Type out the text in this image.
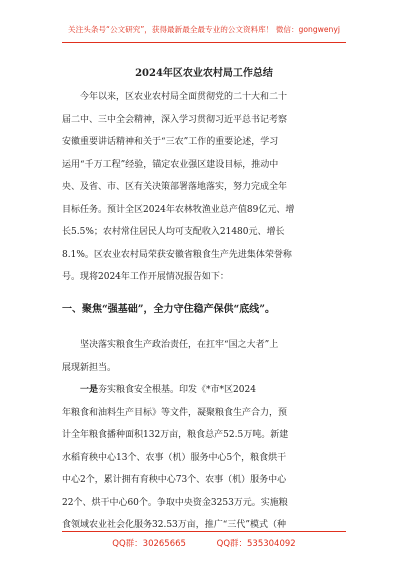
关注头条号“公文研究”，获得最新最全最专业的公文资料库！ 微信：gongwenyj
2024年区农业农村局工作总结
今年以来，区农业农村局全面贯彻党的二十大和二十
届二中、三中全会精神，深入学习贯彻习近平总书记考察
安徽重要讲话精神和关于“三农”工作的重要论述，学习
运用“千万工程”经验，锚定农业强区建设目标，推动中
央、及省、市、区有关决策部署落地落实，努力完成全年
目标任务。预计全区2024年农林牧渔业总产值89亿元、增
长5.5%；农村常住居民人均可支配收入21480元、增长
8.1%。区农业农村局荣获安徽省粮食生产先进集体荣誉称
号。现将2024年工作开展情况报告如下：
一、聚焦“强基础”，全力守住稳产保供“底线”。
坚决落实粮食生产政治责任，在扛牢“国之大者”上
展现新担当。
一是夯实粮食安全根基。印发《*市*区2024
年粮食和油料生产目标》等文件，凝聚粮食生产合力，预
计全年粮食播种面积132万亩，粮食总产52.5万吨。新建
水稻育秧中心13个、农事（机）服务中心5个，粮食烘干
中心2个，累计拥有育秧中心73个、农事（机）服务中心
22个、烘干中心60个。争取中央资金3253万元。实施粮
食领域农业社会化服务32.53万亩，推广“三代”模式（种
QQ群：30265665	QQ群：535304092
